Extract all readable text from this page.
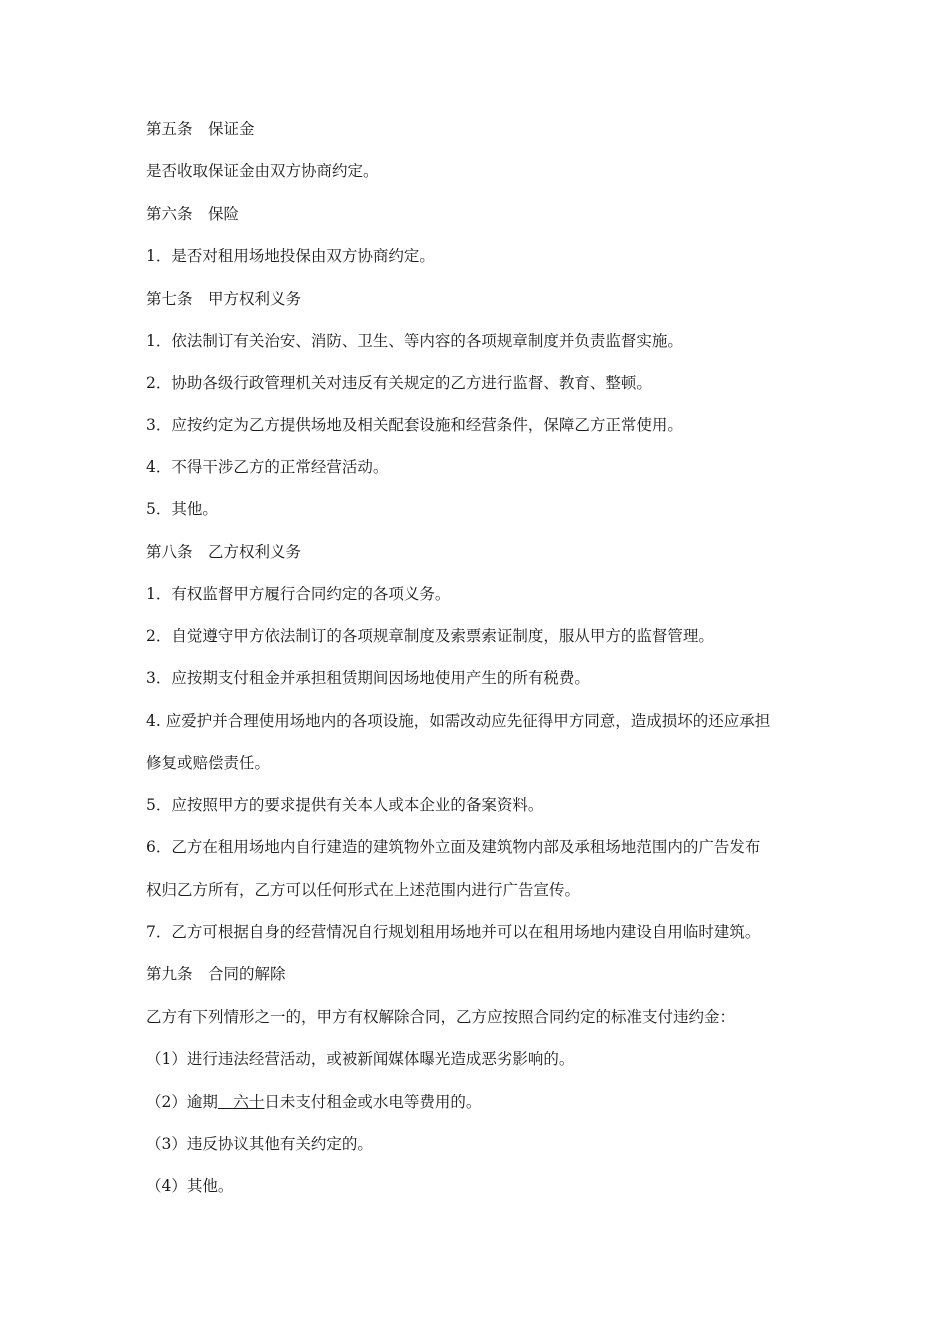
第五条　保证金

是否收取保证金由双方协商约定。

第六条　保险

1．是否对租用场地投保由双方协商约定。

第七条　甲方权利义务

1．依法制订有关治安、消防、卫生、等内容的各项规章制度并负责监督实施。

2．协助各级行政管理机关对违反有关规定的乙方进行监督、教育、整顿。

3．应按约定为乙方提供场地及相关配套设施和经营条件，保障乙方正常使用。

4．不得干涉乙方的正常经营活动。

5．其他。

第八条　乙方权利义务

1．有权监督甲方履行合同约定的各项义务。

2．自觉遵守甲方依法制订的各项规章制度及索票索证制度，服从甲方的监督管理。

3．应按期支付租金并承担租赁期间因场地使用产生的所有税费。

4. 应爱护并合理使用场地内的各项设施，如需改动应先征得甲方同意，造成损坏的还应承担

修复或赔偿责任。

5．应按照甲方的要求提供有关本人或本企业的备案资料。

6．乙方在租用场地内自行建造的建筑物外立面及建筑物内部及承租场地范围内的广告发布

权归乙方所有，乙方可以任何形式在上述范围内进行广告宣传。

7．乙方可根据自身的经营情况自行规划租用场地并可以在租用场地内建设自用临时建筑。

第九条　合同的解除

乙方有下列情形之一的，甲方有权解除合同，乙方应按照合同约定的标准支付违约金：

（1）进行违法经营活动，或被新闻媒体曝光造成恶劣影响的。

（2）逾期　六十日未支付租金或水电等费用的。

（3）违反协议其他有关约定的。

（4）其他。
